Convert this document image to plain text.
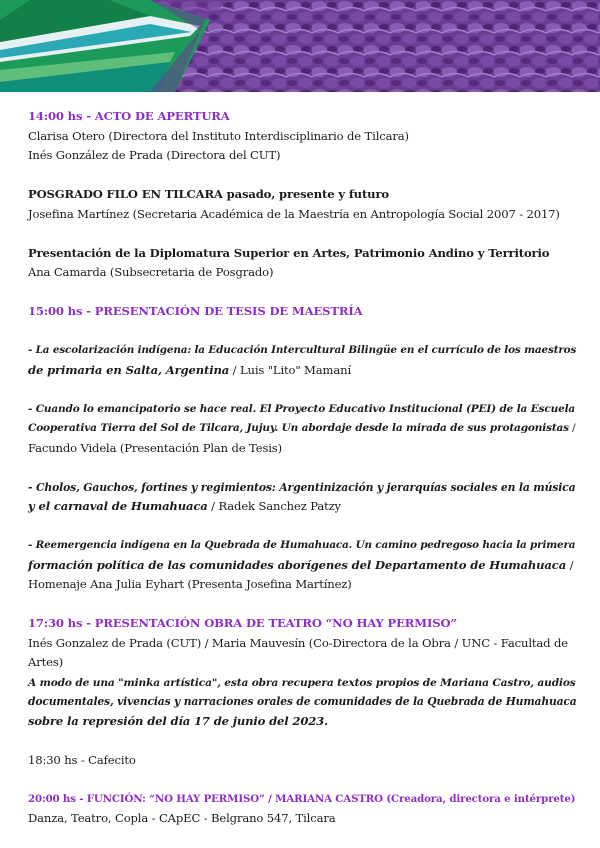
14:00 hs - ACTO DE APERTURA
Clarisa Otero (Directora del Instituto Interdisciplinario de Tilcara)
Inés González de Prada (Directora del CUT)
POSGRADO FILO EN TILCARA pasado, presente y futuro
Josefina Martínez (Secretaria Académica de la Maestría en Antropología Social 2007 - 2017)
Presentación de la Diplomatura Superior en Artes, Patrimonio Andino y Territorio
Ana Camarda (Subsecretaria de Posgrado)
15:00 hs - PRESENTACIÓN DE TESIS DE MAESTRÍA
- La escolarización indígena: la Educación Intercultural Bilingüe en el currículo de los maestros
de primaria en Salta, Argentina / Luis "Lito" Mamaní
- Cuando lo emancipatorio se hace real. El Proyecto Educativo Institucional (PEI) de la Escuela
Cooperativa Tierra del Sol de Tilcara, Jujuy. Un abordaje desde la mirada de sus protagonistas /
Facundo Videla (Presentación Plan de Tesis)
- Cholos, Gauchos, fortines y regimientos: Argentinización y jerarquías sociales en la música
y el carnaval de Humahuaca / Radek Sanchez Patzy
- Reemergencia indígena en la Quebrada de Humahuaca. Un camino pedregoso hacia la primera
formación política de las comunidades aborígenes del Departamento de Humahuaca /
Homenaje Ana Julia Eyhart (Presenta Josefina Martínez)
17:30 hs - PRESENTACIÓN OBRA DE TEATRO “NO HAY PERMISO”
Inés Gonzalez de Prada (CUT) / Maria Mauvesín (Co-Directora de la Obra / UNC - Facultad de
Artes)
A modo de una "minka artística", esta obra recupera textos propios de Mariana Castro, audios
documentales, vivencias y narraciones orales de comunidades de la Quebrada de Humahuaca
sobre la represión del día 17 de junio del 2023.
18:30 hs - Cafecito
20:00 hs - FUNCIÓN: “NO HAY PERMISO” / MARIANA CASTRO (Creadora, directora e intérprete)
Danza, Teatro, Copla - CApEC - Belgrano 547, Tilcara
